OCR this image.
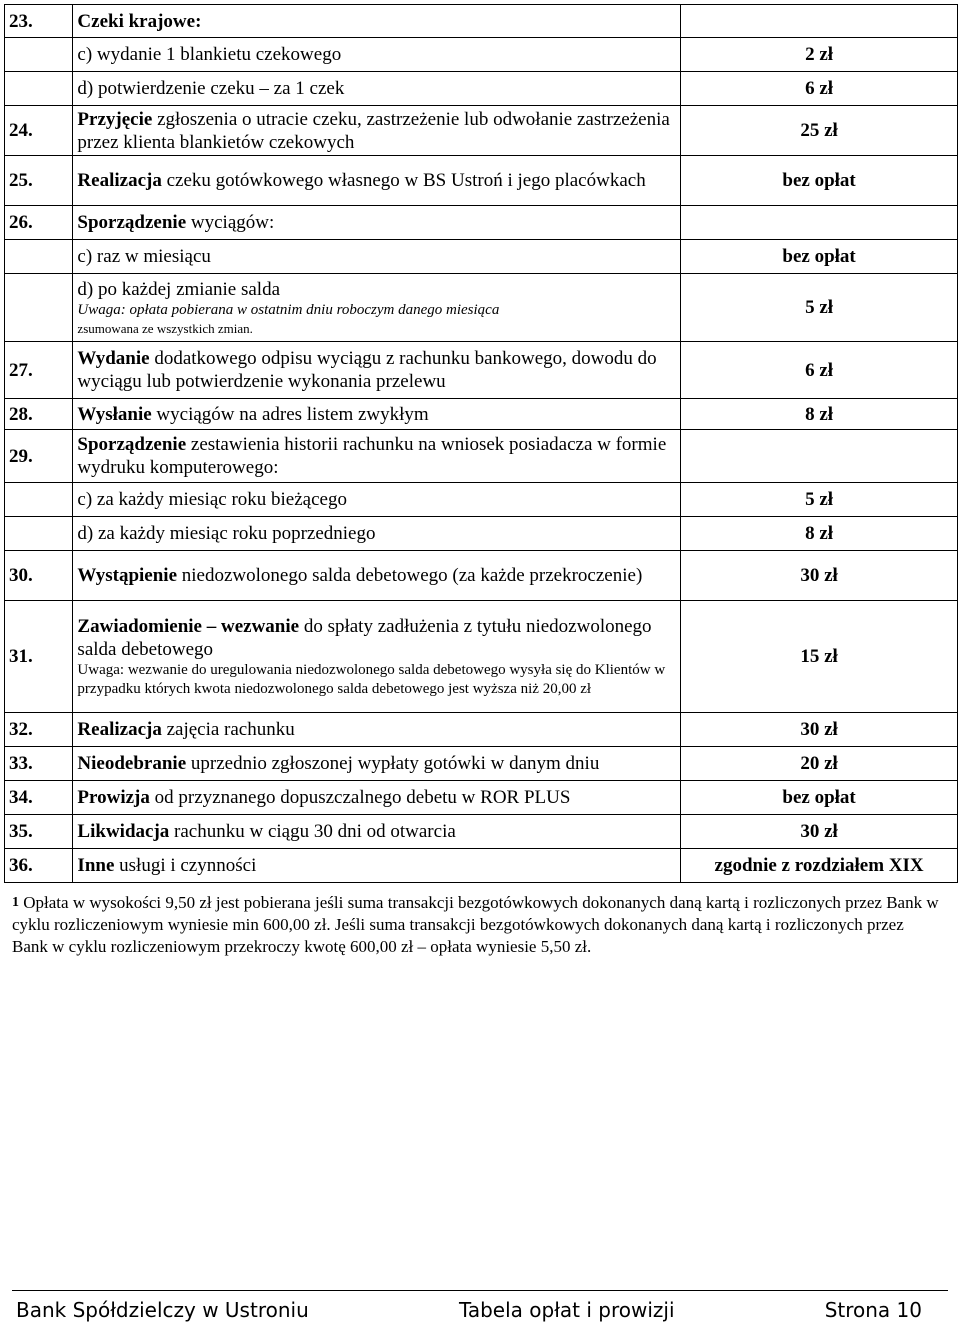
23.	Czeki krajowe:	
	c) wydanie 1 blankietu czekowego	2 zł
	d) potwierdzenie czeku – za 1 czek	6 zł
24.	Przyjęcie zgłoszenia o utracie czeku, zastrzeżenie lub odwołanie zastrzeżenia przez klienta blankietów czekowych	25 zł
25.	Realizacja czeku gotówkowego własnego w BS Ustroń i jego placówkach	bez opłat
26.	Sporządzenie wyciągów:	
	c) raz w miesiącu	bez opłat
	d) po każdej zmianie salda
Uwaga: opłata pobierana w ostatnim dniu roboczym danego miesiąca
zsumowana ze wszystkich zmian.	5 zł
27.	Wydanie dodatkowego odpisu wyciągu z rachunku bankowego, dowodu do wyciągu lub potwierdzenie wykonania przelewu	6 zł
28.	Wysłanie wyciągów na adres listem zwykłym	8 zł
29.	Sporządzenie zestawienia historii rachunku na wniosek posiadacza w formie wydruku komputerowego:	
	c) za każdy miesiąc roku bieżącego	5 zł
	d) za każdy miesiąc roku poprzedniego	8 zł
30.	Wystąpienie niedozwolonego salda debetowego (za każde przekroczenie)	30 zł
31.	Zawiadomienie – wezwanie do spłaty zadłużenia z tytułu niedozwolonego salda debetowego
Uwaga: wezwanie do uregulowania niedozwolonego salda debetowego wysyła się do Klientów w przypadku których kwota niedozwolonego salda debetowego jest wyższa niż 20,00 zł	15 zł
32.	Realizacja zajęcia rachunku	30 zł
33.	Nieodebranie uprzednio zgłoszonej wypłaty gotówki w danym dniu	20 zł
34.	Prowizja od przyznanego dopuszczalnego debetu w ROR PLUS	bez opłat
35.	Likwidacja rachunku w ciągu 30 dni od otwarcia	30 zł
36.	Inne usługi i czynności	zgodnie z rozdziałem XIX
$^1$ Opłata w wysokości 9,50 zł jest pobierana jeśli suma transakcji bezgotówkowych dokonanych daną kartą i rozliczonych przez Bank w cyklu rozliczeniowym wyniesie min 600,00 zł. Jeśli suma transakcji bezgotówkowych dokonanych daną kartą i rozliczonych przez Bank w cyklu rozliczeniowym przekroczy kwotę 600,00 zł – opłata wyniesie 5,50 zł.
Bank Spółdzielczy w Ustroniu	Tabela opłat i prowizji	Strona 10
